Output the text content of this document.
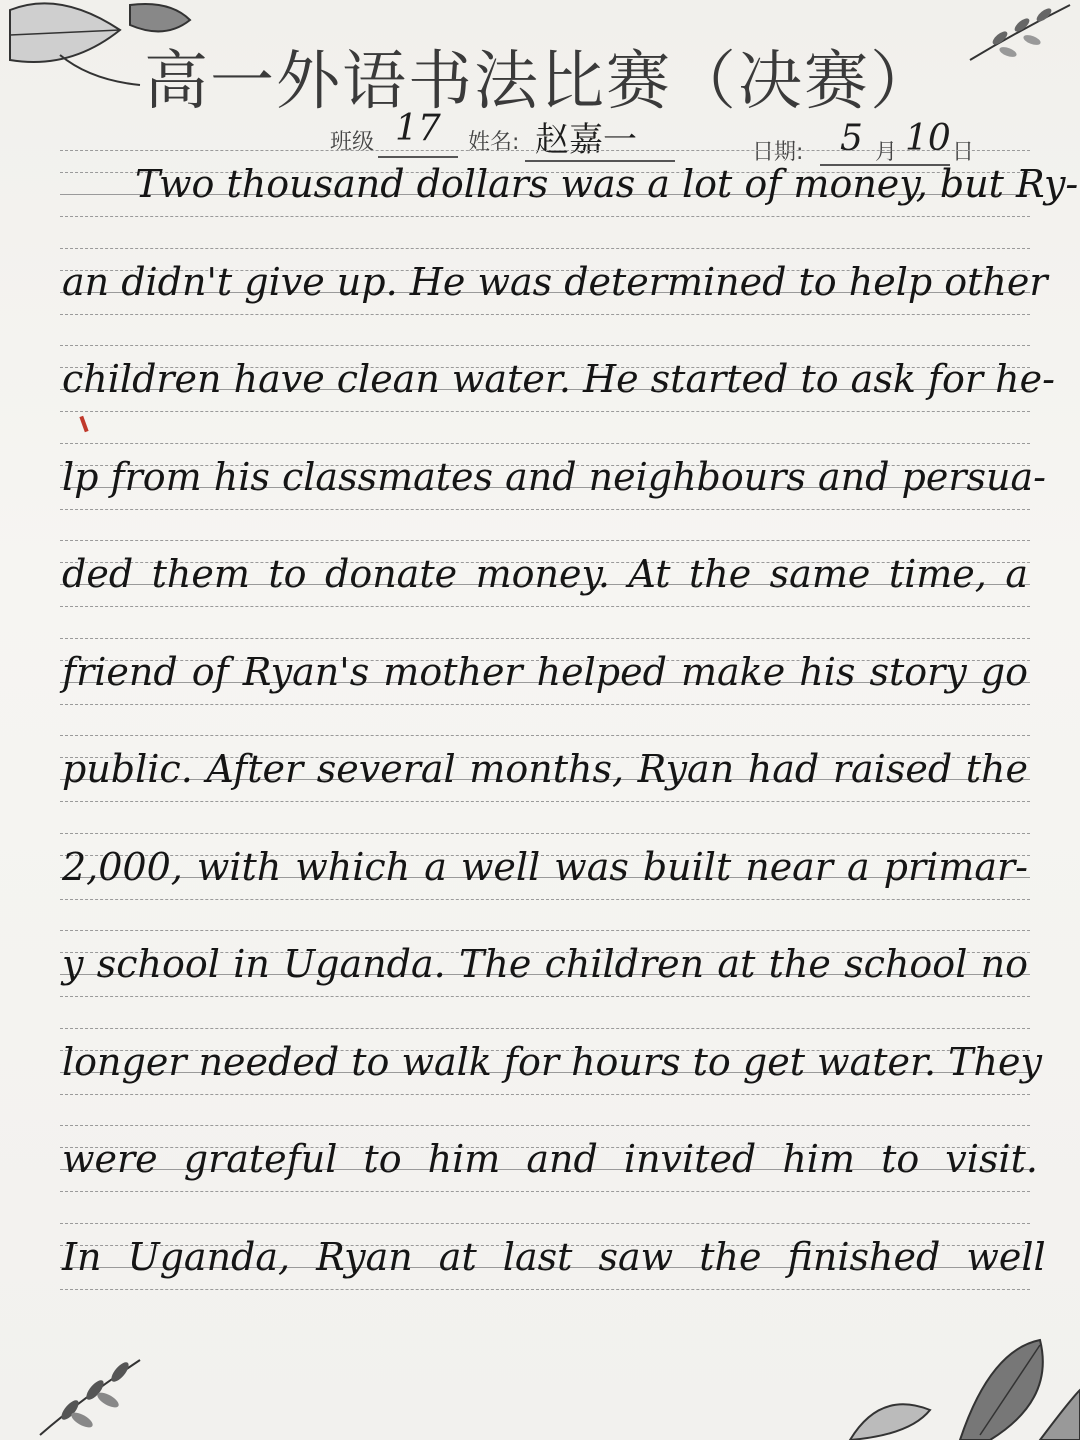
高一外语书法比赛（决赛）
班级 17 姓名: 赵嘉一	日期: 5 月 10 日
Two thousand dollars was a lot of money, but Ry-
an didn't give up. He was determined to help other
children have clean water. He started to ask for he-
lp from his classmates and neighbours and persua-
ded them to donate money. At the same time, a
friend of Ryan's mother helped make his story go
public. After several months, Ryan had raised the
2,000, with which a well was built near a primar-
y school in Uganda. The children at the school no
longer needed to walk for hours to get water. They
were grateful to him and invited him to visit.
In Uganda, Ryan at last saw the finished well
